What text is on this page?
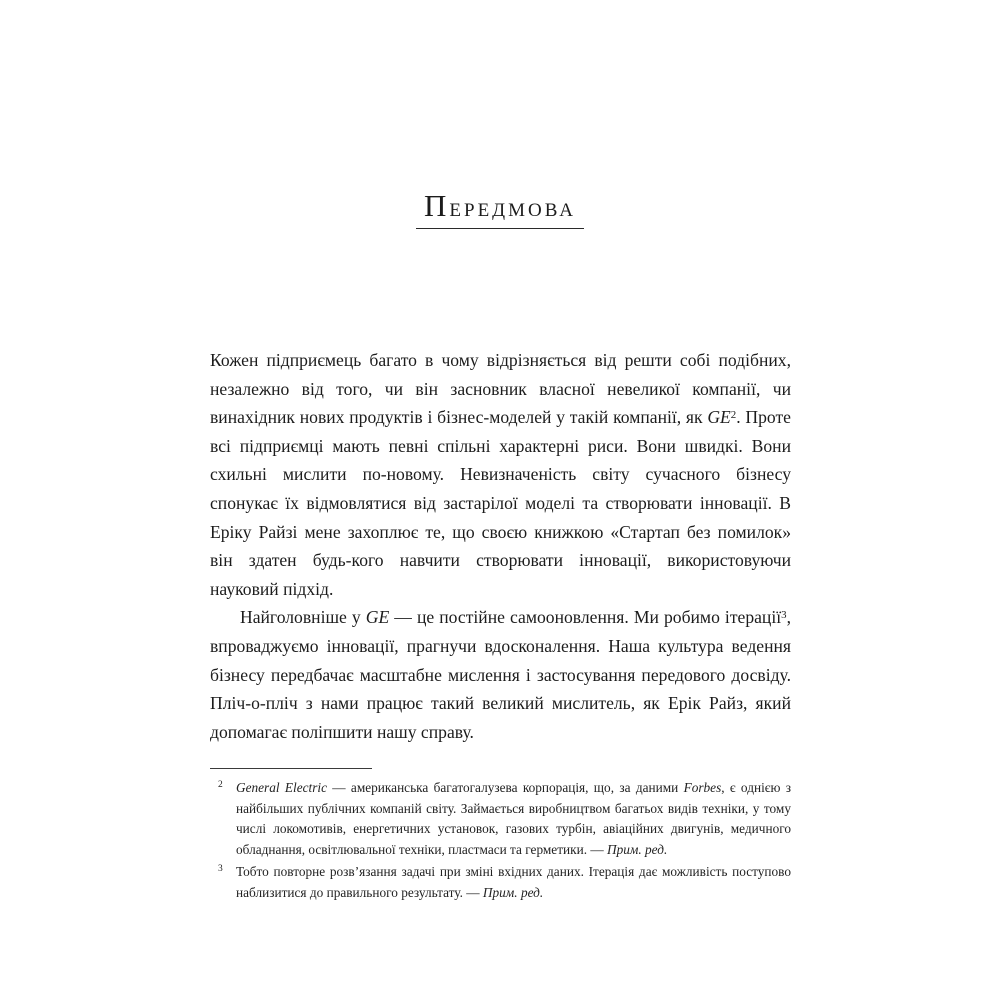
ПЕРЕДМОВА

Кожен підприємець багато в чому відрізняється від решти собі подібних, незалежно від того, чи він засновник власної невеликої компанії, чи винахідник нових продуктів і бізнес-моделей у такій компанії, як $GE^2$. Проте всі підприємці мають певні спільні характерні риси. Вони швидкі. Вони схильні мислити по-новому. Невизначеність світу сучасного бізнесу спонукає їх відмовлятися від застарілої моделі та створювати інновації. В Еріку Райзі мене захоплює те, що своєю книжкою «Стартап без помилок» він здатен будь-кого навчити створювати інновації, використовуючи науковий підхід.

Найголовніше у GE — це постійне самооновлення. Ми робимо ітерації$^3$, впроваджуємо інновації, прагнучи вдосконалення. Наша культура ведення бізнесу передбачає масштабне мислення і застосування передового досвіду. Пліч-о-пліч з нами працює такий великий мислитель, як Ерік Райз, який допомагає поліпшити нашу справу.

2 General Electric — американська багатогалузева корпорація, що, за даними Forbes, є однією з найбільших публічних компаній світу. Займається виробництвом багатьох видів техніки, у тому числі локомотивів, енергетичних установок, газових турбін, авіаційних двигунів, медичного обладнання, освітлювальної техніки, пластмаси та герметики. — Прим. ред.
3 Тобто повторне розв’язання задачі при зміні вхідних даних. Ітерація дає можливість поступово наблизитися до правильного результату. — Прим. ред.
